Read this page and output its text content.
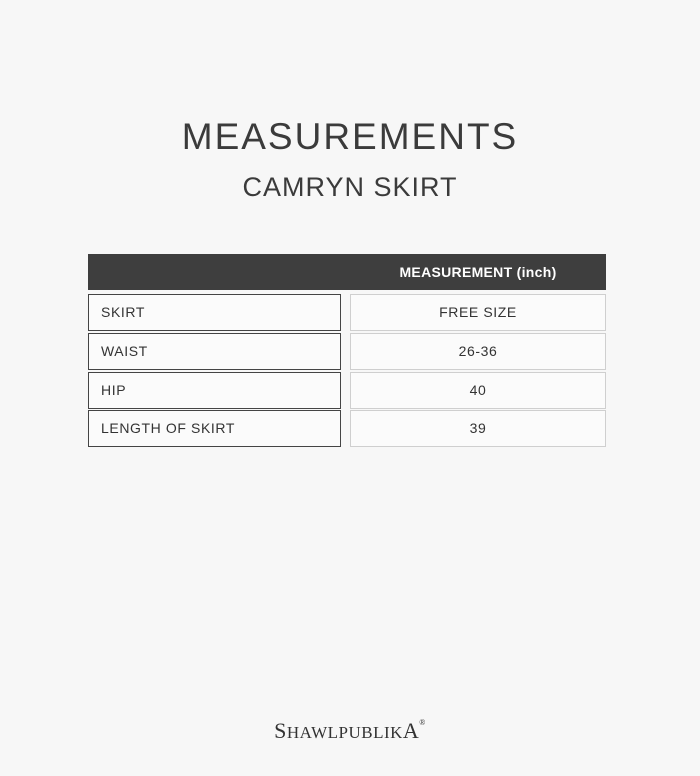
MEASUREMENTS
CAMRYN SKIRT
MEASUREMENT (inch)
SKIRT	FREE SIZE
WAIST	26-36
HIP	40
LENGTH OF SKIRT	39
SHAWLPUBLIKA®
